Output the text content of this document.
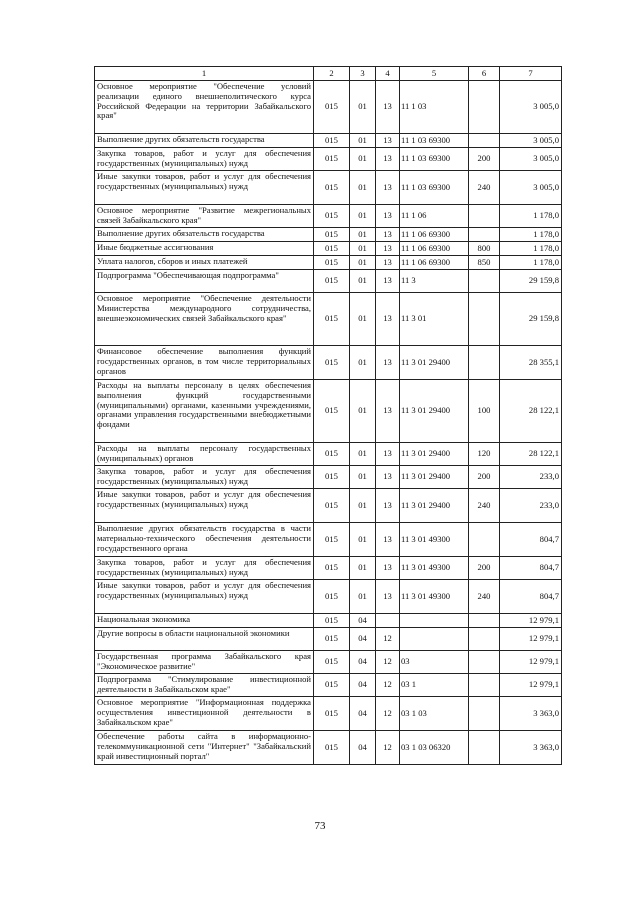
1	2	3	4	5	6	7
Основное мероприятие "Обеспечение условий реализации единого внешнеполитического курса Российской Федерации на территории Забайкальского края"	015	01	13	11 1 03		3 005,0
Выполнение других обязательств государства	015	01	13	11 1 03 69300		3 005,0
Закупка товаров, работ и услуг для обеспечения государственных (муниципальных) нужд	015	01	13	11 1 03 69300	200	3 005,0
Иные закупки товаров, работ и услуг для обеспечения государственных (муниципальных) нужд	015	01	13	11 1 03 69300	240	3 005,0
Основное мероприятие "Развитие межрегиональных связей Забайкальского края"	015	01	13	11 1 06		1 178,0
Выполнение других обязательств государства	015	01	13	11 1 06 69300		1 178,0
Иные бюджетные ассигнования	015	01	13	11 1 06 69300	800	1 178,0
Уплата налогов, сборов и иных платежей	015	01	13	11 1 06 69300	850	1 178,0
Подпрограмма "Обеспечивающая подпрограмма"	015	01	13	11 3		29 159,8
Основное мероприятие "Обеспечение деятельности Министерства международного сотрудничества, внешнеэкономических связей Забайкальского края"	015	01	13	11 3 01		29 159,8
Финансовое обеспечение выполнения функций государственных органов, в том числе территориальных органов	015	01	13	11 3 01 29400		28 355,1
Расходы на выплаты персоналу в целях обеспечения выполнения функций государственными (муниципальными) органами, казенными учреждениями, органами управления государственными внебюджетными фондами	015	01	13	11 3 01 29400	100	28 122,1
Расходы на выплаты персоналу государственных (муниципальных) органов	015	01	13	11 3 01 29400	120	28 122,1
Закупка товаров, работ и услуг для обеспечения государственных (муниципальных) нужд	015	01	13	11 3 01 29400	200	233,0
Иные закупки товаров, работ и услуг для обеспечения государственных (муниципальных) нужд	015	01	13	11 3 01 29400	240	233,0
Выполнение других обязательств государства в части материально-технического обеспечения деятельности государственного органа	015	01	13	11 3 01 49300		804,7
Закупка товаров, работ и услуг для обеспечения государственных (муниципальных) нужд	015	01	13	11 3 01 49300	200	804,7
Иные закупки товаров, работ и услуг для обеспечения государственных (муниципальных) нужд	015	01	13	11 3 01 49300	240	804,7
Национальная экономика	015	04				12 979,1
Другие вопросы в области национальной экономики	015	04	12			12 979,1
Государственная программа Забайкальского края "Экономическое развитие"	015	04	12	03		12 979,1
Подпрограмма "Стимулирование инвестиционной деятельности в Забайкальском крае"	015	04	12	03 1		12 979,1
Основное мероприятие "Информационная поддержка осуществления инвестиционной деятельности в Забайкальском крае"	015	04	12	03 1 03		3 363,0
Обеспечение работы сайта в информационно-телекоммуникационной сети "Интернет" "Забайкальский край инвестиционный портал"	015	04	12	03 1 03 06320		3 363,0
73
